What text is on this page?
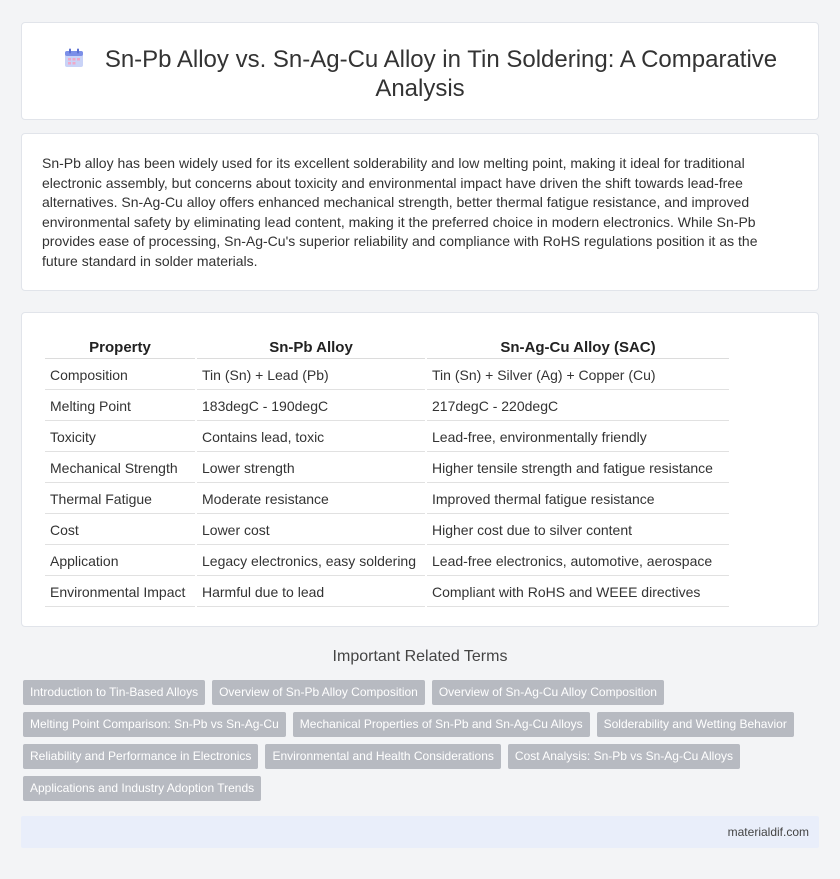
Sn-Pb Alloy vs. Sn-Ag-Cu Alloy in Tin Soldering: A Comparative Analysis

Sn-Pb alloy has been widely used for its excellent solderability and low melting point, making it ideal for traditional electronic assembly, but concerns about toxicity and environmental impact have driven the shift towards lead-free alternatives. Sn-Ag-Cu alloy offers enhanced mechanical strength, better thermal fatigue resistance, and improved environmental safety by eliminating lead content, making it the preferred choice in modern electronics. While Sn-Pb provides ease of processing, Sn-Ag-Cu's superior reliability and compliance with RoHS regulations position it as the future standard in solder materials.

Property	Sn-Pb Alloy	Sn-Ag-Cu Alloy (SAC)
Composition	Tin (Sn) + Lead (Pb)	Tin (Sn) + Silver (Ag) + Copper (Cu)
Melting Point	183degC - 190degC	217degC - 220degC
Toxicity	Contains lead, toxic	Lead-free, environmentally friendly
Mechanical Strength	Lower strength	Higher tensile strength and fatigue resistance
Thermal Fatigue	Moderate resistance	Improved thermal fatigue resistance
Cost	Lower cost	Higher cost due to silver content
Application	Legacy electronics, easy soldering	Lead-free electronics, automotive, aerospace
Environmental Impact	Harmful due to lead	Compliant with RoHS and WEEE directives
Important Related Terms
Introduction to Tin-Based Alloys	Overview of Sn-Pb Alloy Composition	Overview of Sn-Ag-Cu Alloy Composition
Melting Point Comparison: Sn-Pb vs Sn-Ag-Cu	Mechanical Properties of Sn-Pb and Sn-Ag-Cu Alloys	Solderability and Wetting Behavior
Reliability and Performance in Electronics	Environmental and Health Considerations	Cost Analysis: Sn-Pb vs Sn-Ag-Cu Alloys
Applications and Industry Adoption Trends
materialdif.com
